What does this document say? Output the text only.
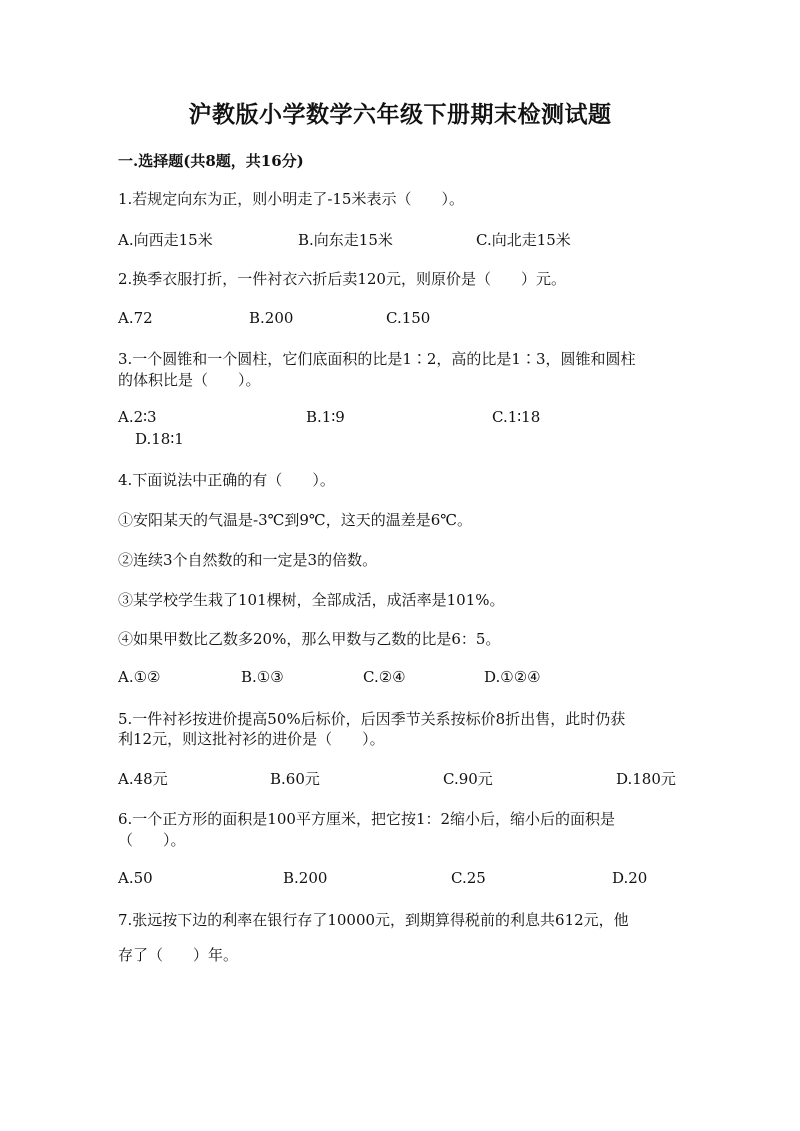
沪教版小学数学六年级下册期末检测试题
一.选择题(共8题，共16分)
1.若规定向东为正，则小明走了-15米表示（　　）。
A.向西走15米	B.向东走15米	C.向北走15米
2.换季衣服打折，一件衬衣六折后卖120元，则原价是（　　）元。
A.72	B.200	C.150
3.一个圆锥和一个圆柱，它们底面积的比是1∶2，高的比是1∶3，圆锥和圆柱
的体积比是（　　）。
A.2∶3	B.1∶9	C.1∶18
D.18∶1
4.下面说法中正确的有（　　）。
①安阳某天的气温是-3℃到9℃，这天的温差是6℃。
②连续3个自然数的和一定是3的倍数。
③某学校学生栽了101棵树，全部成活，成活率是101%。
④如果甲数比乙数多20%，那么甲数与乙数的比是6：5。
A.①②	B.①③	C.②④	D.①②④
5.一件衬衫按进价提高50%后标价，后因季节关系按标价8折出售，此时仍获
利12元，则这批衬衫的进价是（　　）。
A.48元	B.60元	C.90元	D.180元
6.一个正方形的面积是100平方厘米，把它按1：2缩小后，缩小后的面积是
（　　）。
A.50	B.200	C.25	D.20
7.张远按下边的利率在银行存了10000元，到期算得税前的利息共612元，他
存了（　　）年。
